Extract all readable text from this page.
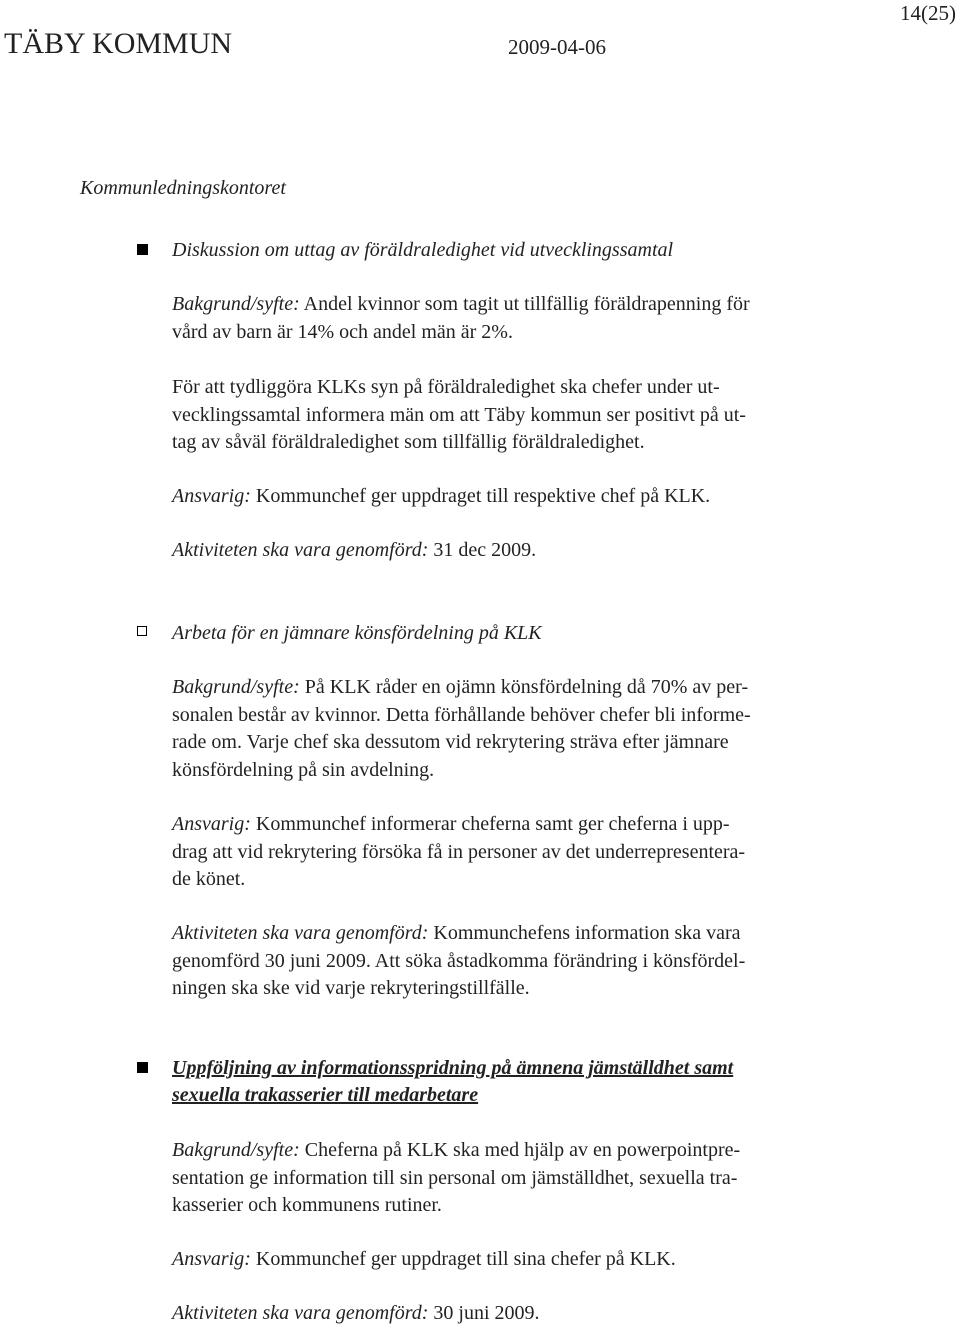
14(25)
TÄBY KOMMUN	2009-04-06
Kommunledningskontoret
Diskussion om uttag av föräldraledighet vid utvecklingssamtal
Bakgrund/syfte: Andel kvinnor som tagit ut tillfällig föräldrapenning för
vård av barn är 14% och andel män är 2%.
För att tydliggöra KLKs syn på föräldraledighet ska chefer under ut-
vecklingssamtal informera män om att Täby kommun ser positivt på ut-
tag av såväl föräldraledighet som tillfällig föräldraledighet.
Ansvarig: Kommunchef ger uppdraget till respektive chef på KLK.
Aktiviteten ska vara genomförd: 31 dec 2009.
Arbeta för en jämnare könsfördelning på KLK
Bakgrund/syfte: På KLK råder en ojämn könsfördelning då 70% av per-
sonalen består av kvinnor. Detta förhållande behöver chefer bli informe-
rade om. Varje chef ska dessutom vid rekrytering sträva efter jämnare
könsfördelning på sin avdelning.
Ansvarig: Kommunchef informerar cheferna samt ger cheferna i upp-
drag att vid rekrytering försöka få in personer av det underrepresentera-
de könet.
Aktiviteten ska vara genomförd: Kommunchefens information ska vara
genomförd 30 juni 2009. Att söka åstadkomma förändring i könsfördel-
ningen ska ske vid varje rekryteringstillfälle.
Uppföljning av informationsspridning på ämnena jämställdhet samt
sexuella trakasserier till medarbetare
Bakgrund/syfte: Cheferna på KLK ska med hjälp av en powerpointpre-
sentation ge information till sin personal om jämställdhet, sexuella tra-
kasserier och kommunens rutiner.
Ansvarig: Kommunchef ger uppdraget till sina chefer på KLK.
Aktiviteten ska vara genomförd: 30 juni 2009.
